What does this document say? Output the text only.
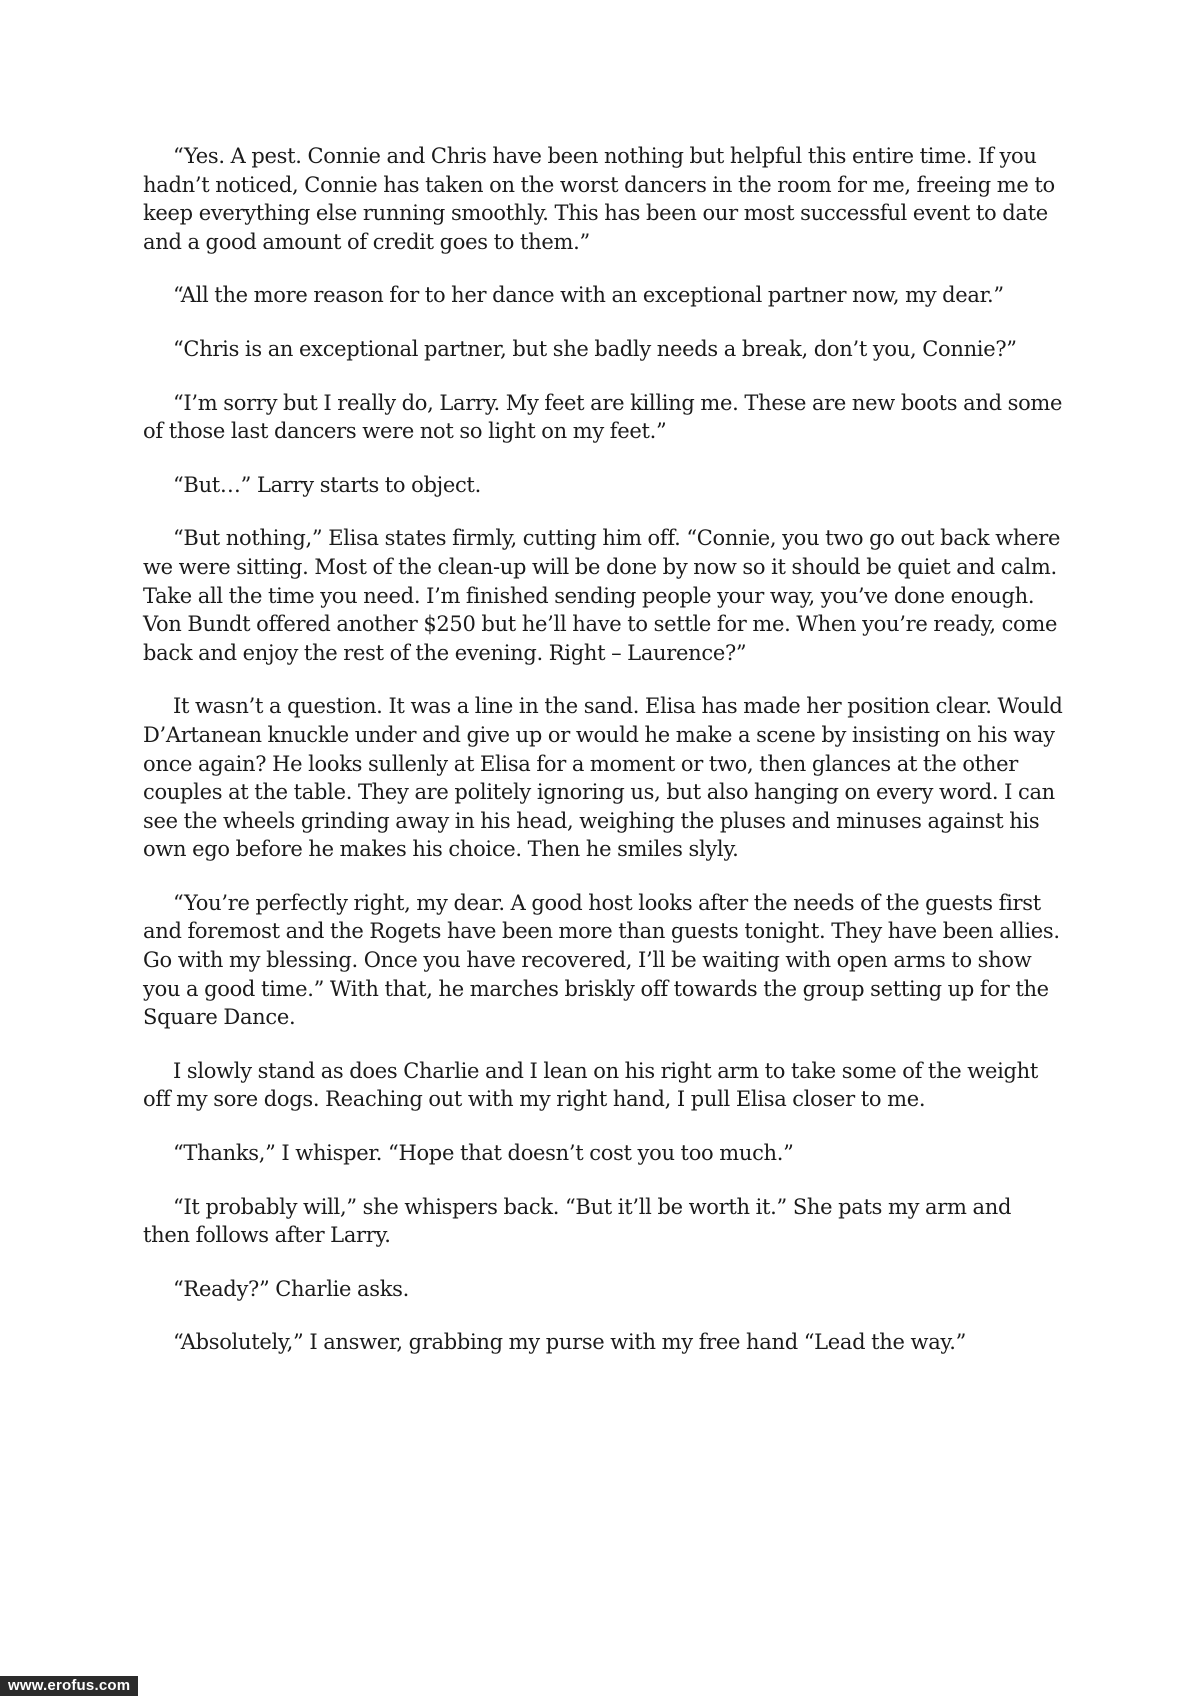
“Yes. A pest. Connie and Chris have been nothing but helpful this entire time. If you hadn’t noticed, Connie has taken on the worst dancers in the room for me, freeing me to keep everything else running smoothly. This has been our most successful event to date and a good amount of credit goes to them.”

“All the more reason for to her dance with an exceptional partner now, my dear.”

“Chris is an exceptional partner, but she badly needs a break, don’t you, Connie?”

“I’m sorry but I really do, Larry. My feet are killing me. These are new boots and some of those last dancers were not so light on my feet.”

“But…” Larry starts to object.

“But nothing,” Elisa states firmly, cutting him off. “Connie, you two go out back where we were sitting. Most of the clean-up will be done by now so it should be quiet and calm. Take all the time you need. I’m finished sending people your way, you’ve done enough. Von Bundt offered another $250 but he’ll have to settle for me. When you’re ready, come back and enjoy the rest of the evening. Right – Laurence?”

It wasn’t a question. It was a line in the sand. Elisa has made her position clear. Would D’Artanean knuckle under and give up or would he make a scene by insisting on his way once again? He looks sullenly at Elisa for a moment or two, then glances at the other couples at the table. They are politely ignoring us, but also hanging on every word. I can see the wheels grinding away in his head, weighing the pluses and minuses against his own ego before he makes his choice. Then he smiles slyly.

“You’re perfectly right, my dear. A good host looks after the needs of the guests first and foremost and the Rogets have been more than guests tonight. They have been allies. Go with my blessing. Once you have recovered, I’ll be waiting with open arms to show you a good time.” With that, he marches briskly off towards the group setting up for the Square Dance.

I slowly stand as does Charlie and I lean on his right arm to take some of the weight off my sore dogs. Reaching out with my right hand, I pull Elisa closer to me.

“Thanks,” I whisper. “Hope that doesn’t cost you too much.”

“It probably will,” she whispers back. “But it’ll be worth it.” She pats my arm and then follows after Larry.

“Ready?” Charlie asks.

“Absolutely,” I answer, grabbing my purse with my free hand “Lead the way.”

www.erofus.com
